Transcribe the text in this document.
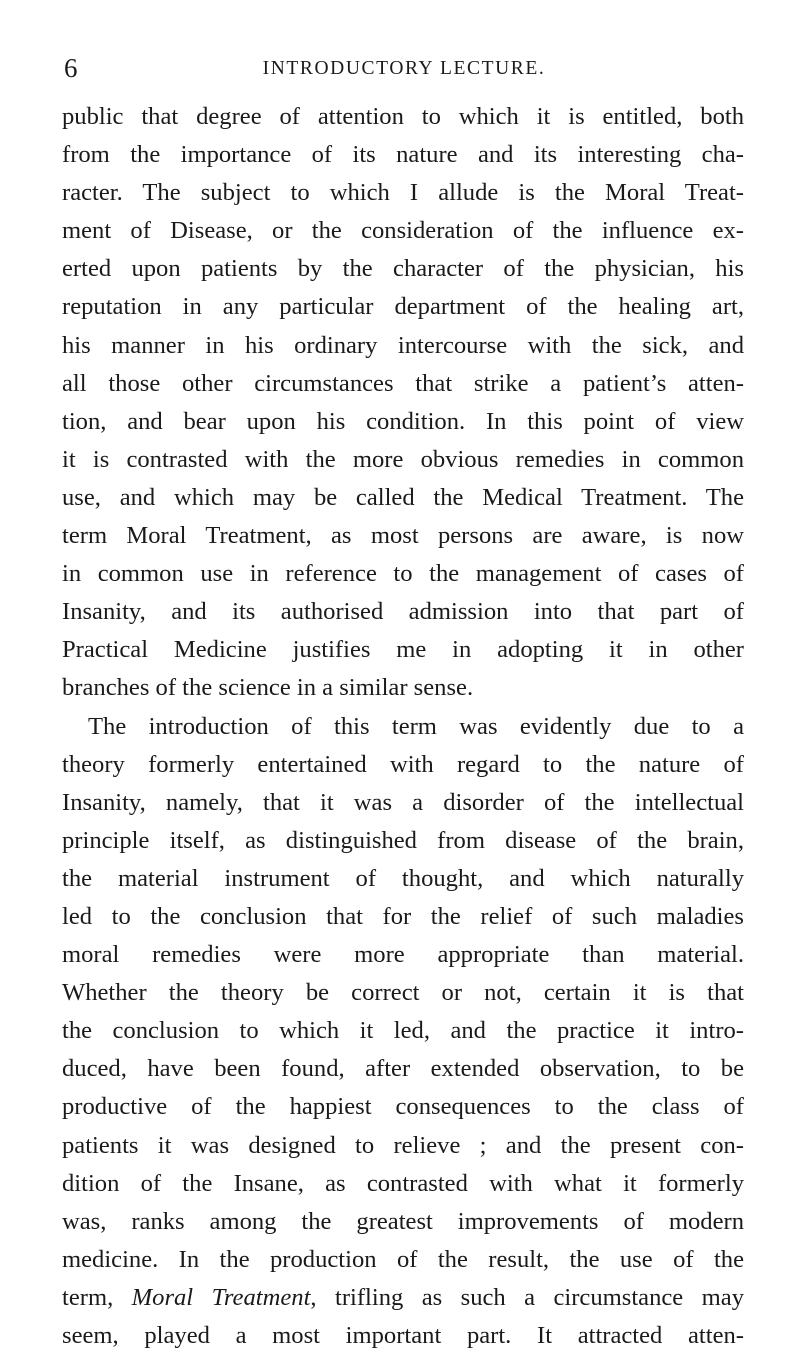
6	INTRODUCTORY LECTURE.
public that degree of attention to which it is entitled, both
from the importance of its nature and its interesting cha-
racter. The subject to which I allude is the Moral Treat-
ment of Disease, or the consideration of the influence ex-
erted upon patients by the character of the physician, his
reputation in any particular department of the healing art,
his manner in his ordinary intercourse with the sick, and
all those other circumstances that strike a patient’s atten-
tion, and bear upon his condition. In this point of view
it is contrasted with the more obvious remedies in common
use, and which may be called the Medical Treatment. The
term Moral Treatment, as most persons are aware, is now
in common use in reference to the management of cases of
Insanity, and its authorised admission into that part of
Practical Medicine justifies me in adopting it in other
branches of the science in a similar sense.
The introduction of this term was evidently due to a
theory formerly entertained with regard to the nature of
Insanity, namely, that it was a disorder of the intellectual
principle itself, as distinguished from disease of the brain,
the material instrument of thought, and which naturally
led to the conclusion that for the relief of such maladies
moral remedies were more appropriate than material.
Whether the theory be correct or not, certain it is that
the conclusion to which it led, and the practice it intro-
duced, have been found, after extended observation, to be
productive of the happiest consequences to the class of
patients it was designed to relieve ; and the present con-
dition of the Insane, as contrasted with what it formerly
was, ranks among the greatest improvements of modern
medicine. In the production of the result, the use of the
term, Moral Treatment, trifling as such a circumstance may
seem, played a most important part. It attracted atten-
